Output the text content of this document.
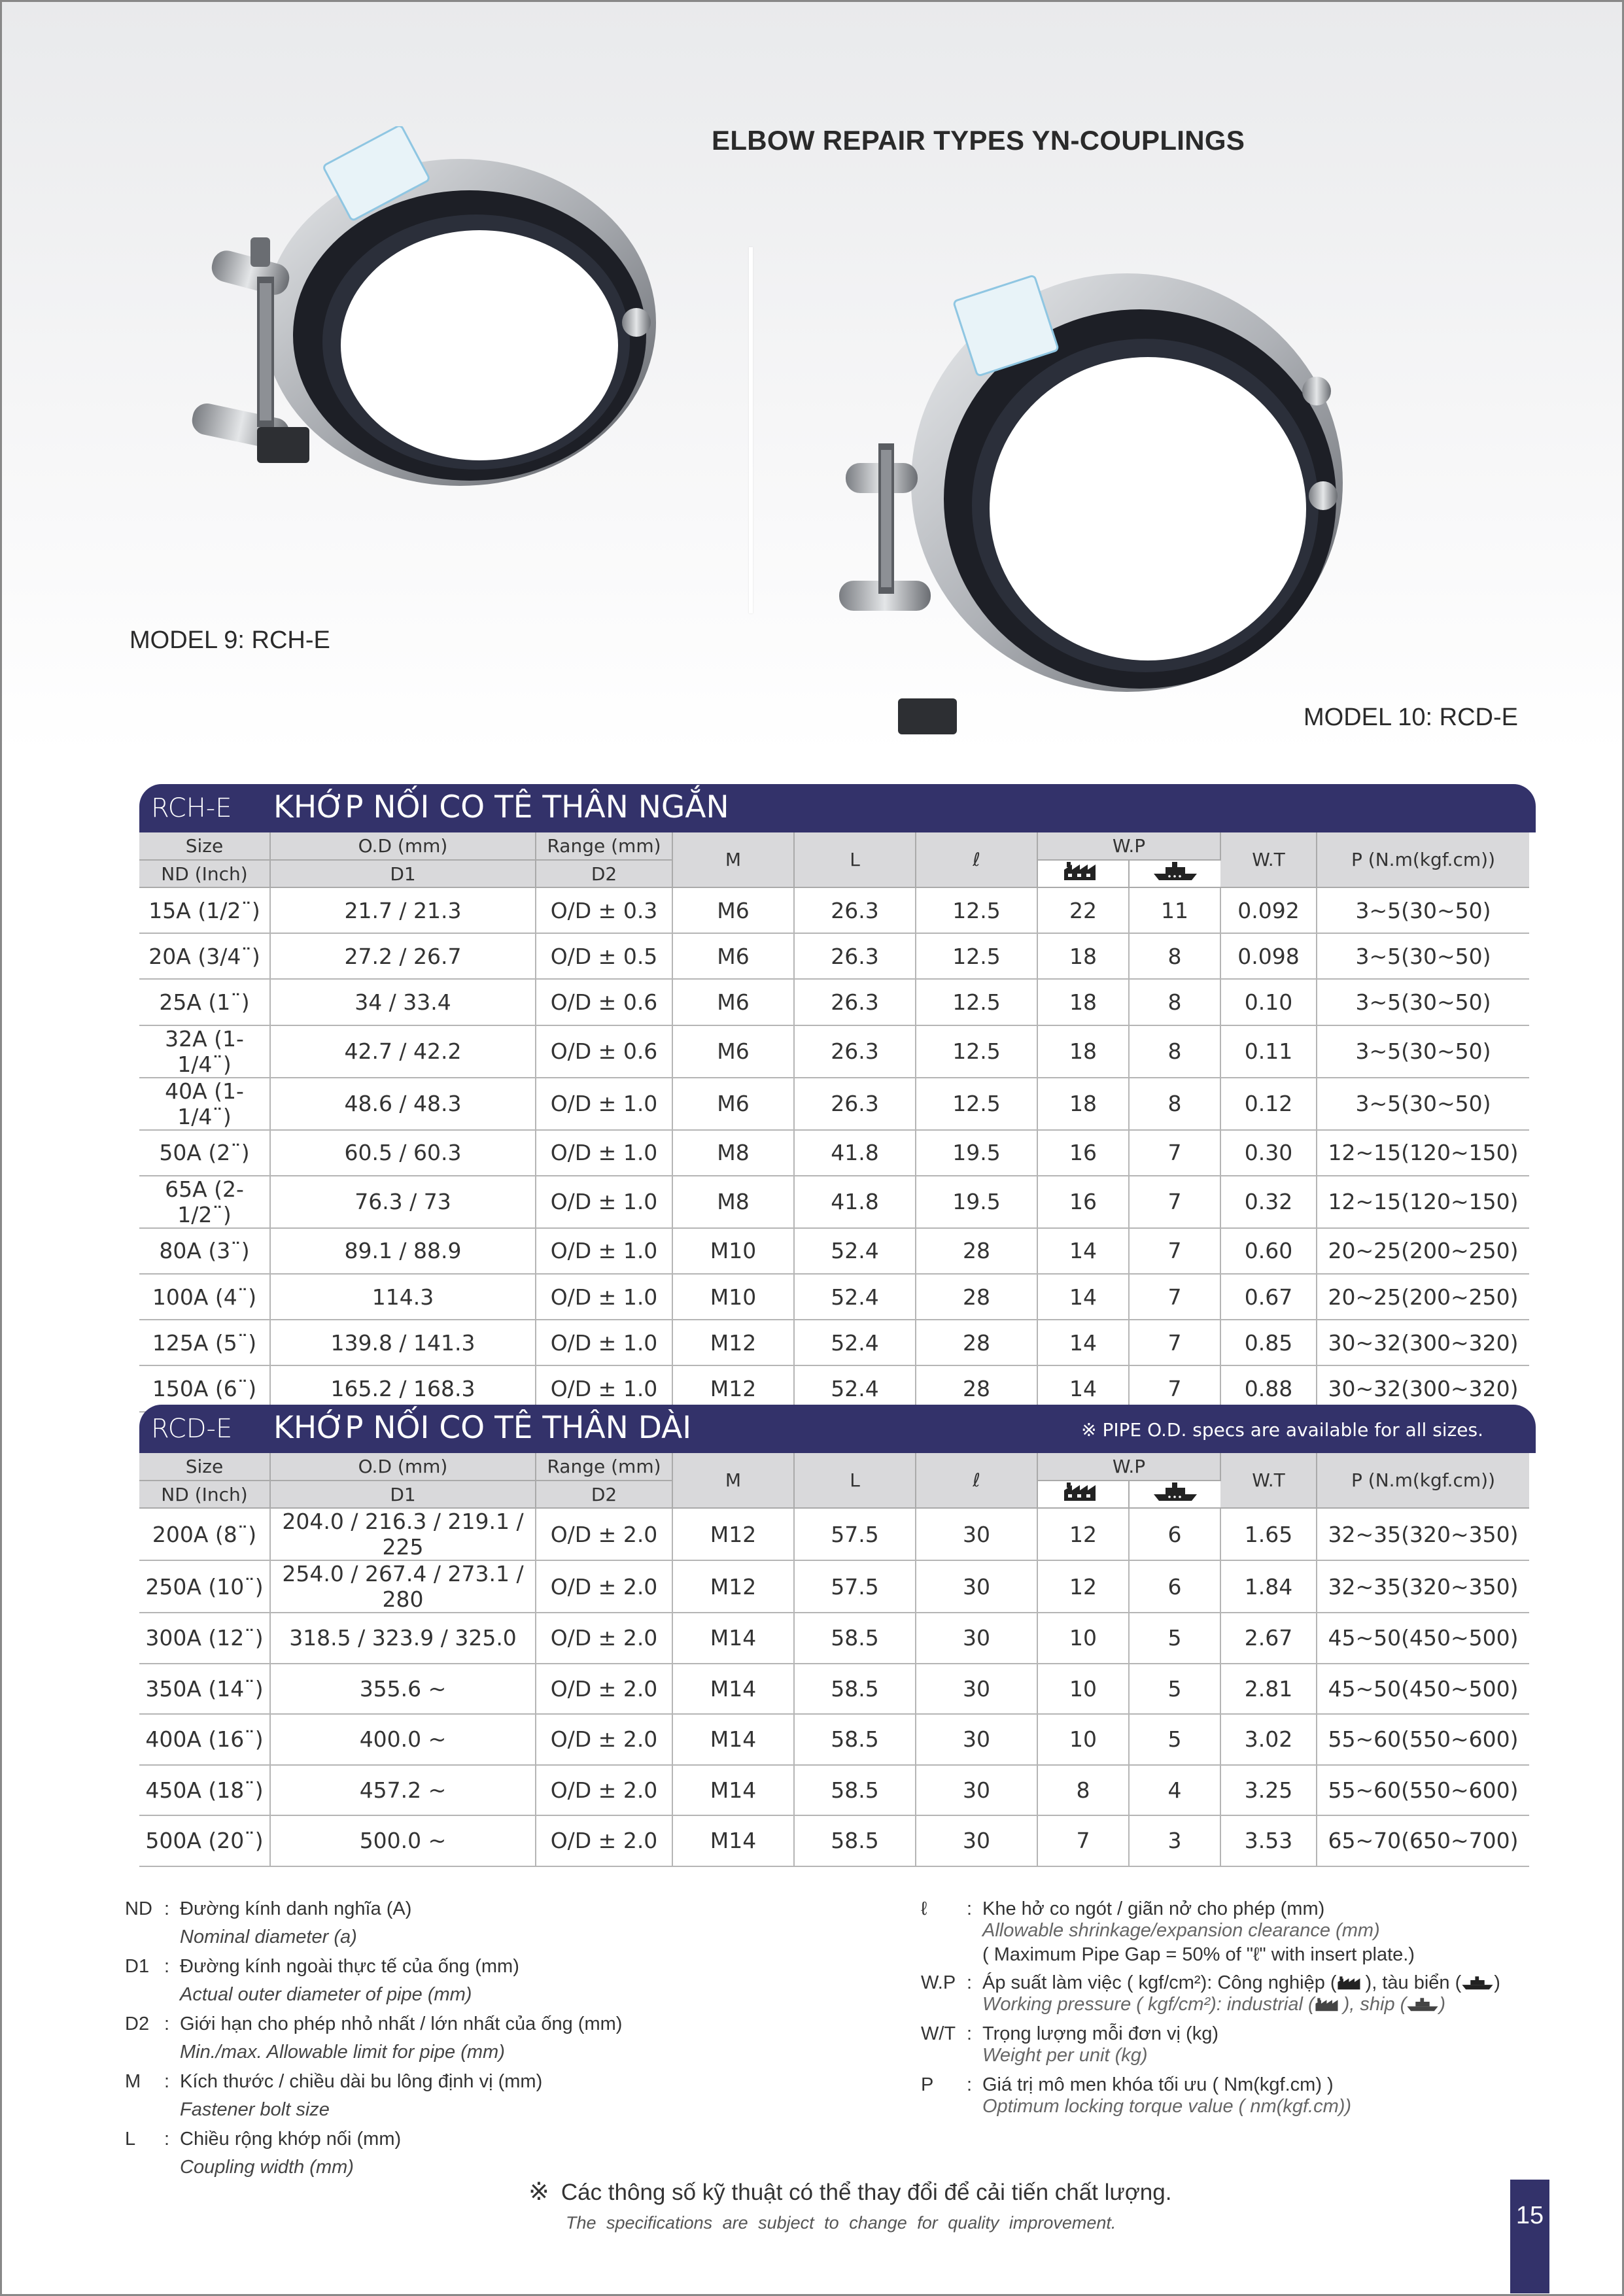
ELBOW REPAIR TYPES YN-COUPLINGS
MODEL 9: RCH-E
MODEL 10: RCD-E
RCH-E KHỚP NỐI CO TÊ THÂN NGẮN
Size	O.D (mm)	Range (mm)	M	L	ℓ	W.P		W.T	P (N.m(kgf.cm))
ND (Inch)	D1	D2		
15A (1/2¨)	21.7 / 21.3	O/D ± 0.3	M6	26.3	12.5	22	11	0.092	3~5(30~50)
20A (3/4¨)	27.2 / 26.7	O/D ± 0.5	M6	26.3	12.5	18	8	0.098	3~5(30~50)
25A (1¨)	34 / 33.4	O/D ± 0.6	M6	26.3	12.5	18	8	0.10	3~5(30~50)
32A (1-1/4¨)	42.7 / 42.2	O/D ± 0.6	M6	26.3	12.5	18	8	0.11	3~5(30~50)
40A (1-1/4¨)	48.6 / 48.3	O/D ± 1.0	M6	26.3	12.5	18	8	0.12	3~5(30~50)
50A (2¨)	60.5 / 60.3	O/D ± 1.0	M8	41.8	19.5	16	7	0.30	12~15(120~150)
65A (2-1/2¨)	76.3 / 73	O/D ± 1.0	M8	41.8	19.5	16	7	0.32	12~15(120~150)
80A (3¨)	89.1 / 88.9	O/D ± 1.0	M10	52.4	28	14	7	0.60	20~25(200~250)
100A (4¨)	114.3	O/D ± 1.0	M10	52.4	28	14	7	0.67	20~25(200~250)
125A (5¨)	139.8 / 141.3	O/D ± 1.0	M12	52.4	28	14	7	0.85	30~32(300~320)
150A (6¨)	165.2 / 168.3	O/D ± 1.0	M12	52.4	28	14	7	0.88	30~32(300~320)
RCD-E KHỚP NỐI CO TÊ THÂN DÀI	※ PIPE O.D. specs are available for all sizes.
Size	O.D (mm)	Range (mm)	M	L	ℓ	W.P		W.T	P (N.m(kgf.cm))
ND (Inch)	D1	D2		
200A (8¨)	204.0 / 216.3 / 219.1 / 225	O/D ± 2.0	M12	57.5	30	12	6	1.65	32~35(320~350)
250A (10¨)	254.0 / 267.4 / 273.1 / 280	O/D ± 2.0	M12	57.5	30	12	6	1.84	32~35(320~350)
300A (12¨)	318.5 / 323.9 / 325.0	O/D ± 2.0	M14	58.5	30	10	5	2.67	45~50(450~500)
350A (14¨)	355.6 ~	O/D ± 2.0	M14	58.5	30	10	5	2.81	45~50(450~500)
400A (16¨)	400.0 ~	O/D ± 2.0	M14	58.5	30	10	5	3.02	55~60(550~600)
450A (18¨)	457.2 ~	O/D ± 2.0	M14	58.5	30	8	4	3.25	55~60(550~600)
500A (20¨)	500.0 ~	O/D ± 2.0	M14	58.5	30	7	3	3.53	65~70(650~700)
ND : Đường kính danh nghĩa (A)
Nominal diameter (a)
D1 : Đường kính ngoài thực tế của ống (mm)
Actual outer diameter of pipe (mm)
D2 : Giới hạn cho phép nhỏ nhất / lớn nhất của ống (mm)
Min./max. Allowable limit for pipe (mm)
M	: Kích thước / chiều dài bu lông định vị (mm)
Fastener bolt size
L	: Chiều rộng khớp nối (mm)
Coupling width (mm)
ℓ	: Khe hở co ngót / giãn nở cho phép (mm)
Allowable shrinkage/expansion clearance (mm)
( Maximum Pipe Gap = 50% of "ℓ" with insert plate.)
W.P : Áp suất làm việc ( kgf/cm²): Công nghiệp ( ), tàu biển ( )
Working pressure ( kgf/cm²): industrial ( ), ship ( )
W/T : Trọng lượng mỗi đơn vị (kg)
Weight per unit (kg)
P	: Giá trị mô men khóa tối ưu ( Nm(kgf.cm) )
Optimum locking torque value ( nm(kgf.cm))
※ Các thông số kỹ thuật có thể thay đổi để cải tiến chất lượng.
The specifications are subject to change for quality improvement.	15
